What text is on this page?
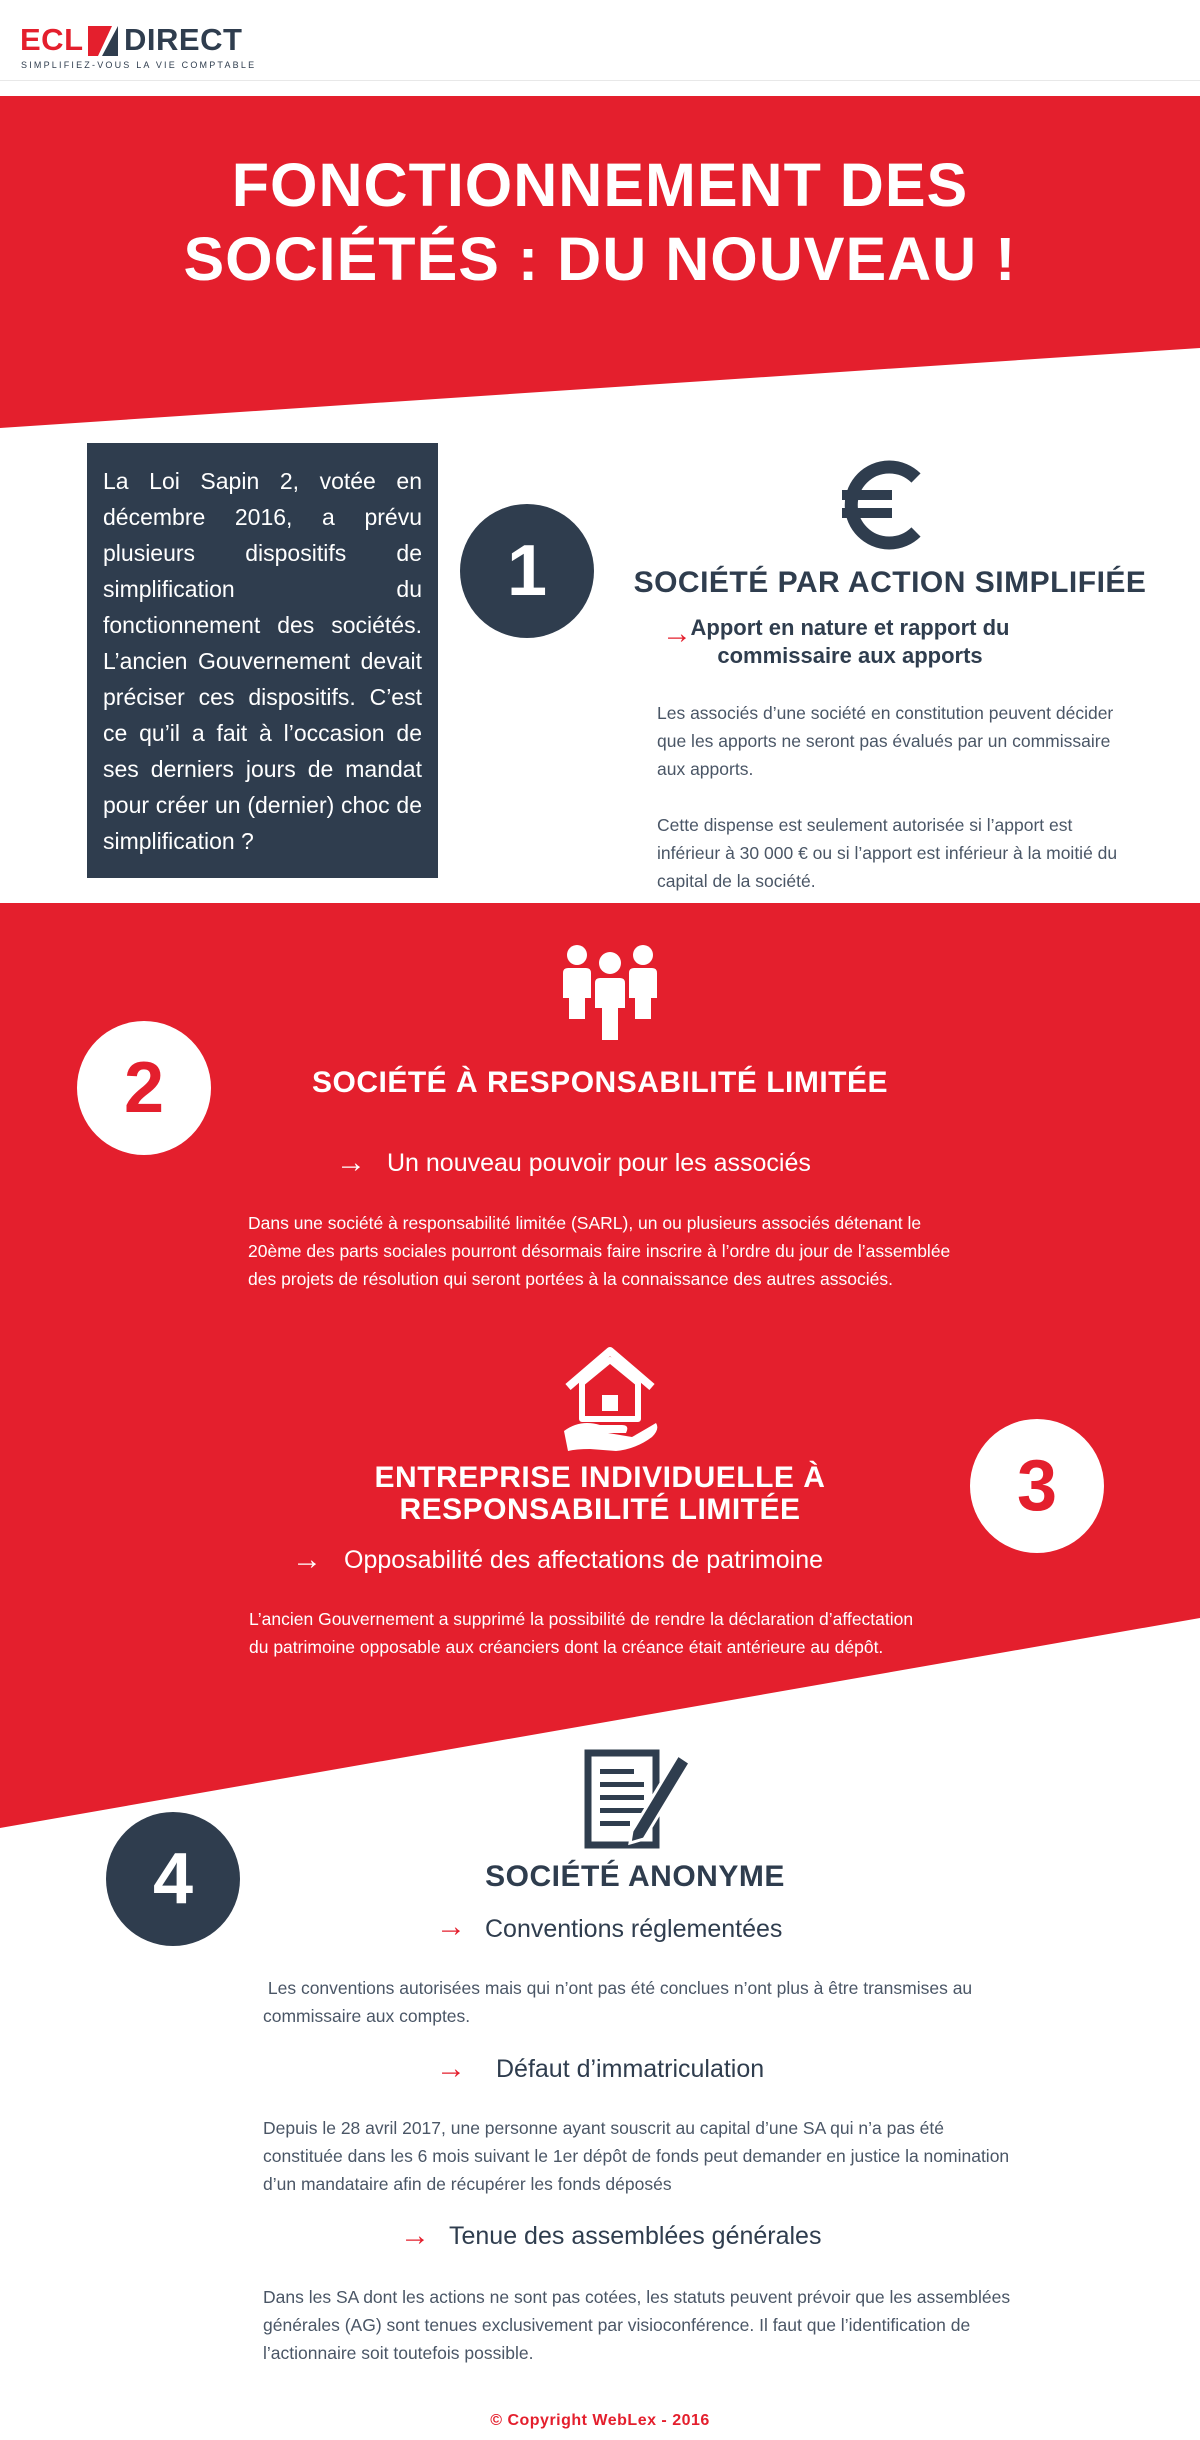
ECL DIRECT
SIMPLIFIEZ-VOUS LA VIE COMPTABLE
FONCTIONNEMENT DES
SOCIÉTÉS : DU NOUVEAU !
La Loi Sapin 2, votée en décembre 2016, a prévu plusieurs dispositifs de simplification du fonctionnement des sociétés. L’ancien Gouvernement devait préciser ces dispositifs. C’est ce qu’il a fait à l’occasion de ses derniers jours de mandat pour créer un (dernier) choc de simplification ?
1	SOCIÉTÉ PAR ACTION SIMPLIFIÉE
→
Apport en nature et rapport du
commissaire aux apports
Les associés d’une société en constitution peuvent décider que les apports ne seront pas évalués par un commissaire aux apports.
Cette dispense est seulement autorisée si l’apport est inférieur à 30 000 € ou si l’apport est inférieur à la moitié du capital de la société.
2	SOCIÉTÉ À RESPONSABILITÉ LIMITÉE
→ Un nouveau pouvoir pour les associés
Dans une société à responsabilité limitée (SARL), un ou plusieurs associés détenant le 20ème des parts sociales pourront désormais faire inscrire à l’ordre du jour de l’assemblée des projets de résolution qui seront portées à la connaissance des autres associés.
ENTREPRISE INDIVIDUELLE À
RESPONSABILITÉ LIMITÉE	3
→ Opposabilité des affectations de patrimoine
L’ancien Gouvernement a supprimé la possibilité de rendre la déclaration d’affectation du patrimoine opposable aux créanciers dont la créance était antérieure au dépôt.
4	SOCIÉTÉ ANONYME
→ Conventions réglementées
Les conventions autorisées mais qui n’ont pas été conclues n’ont plus à être transmises au commissaire aux comptes.
→ Défaut d’immatriculation
Depuis le 28 avril 2017, une personne ayant souscrit au capital d’une SA qui n’a pas été constituée dans les 6 mois suivant le 1er dépôt de fonds peut demander en justice la nomination d’un mandataire afin de récupérer les fonds déposés
→ Tenue des assemblées générales
Dans les SA dont les actions ne sont pas cotées, les statuts peuvent prévoir que les assemblées générales (AG) sont tenues exclusivement par visioconférence. Il faut que l’identification de l’actionnaire soit toutefois possible.
© Copyright WebLex - 2016
